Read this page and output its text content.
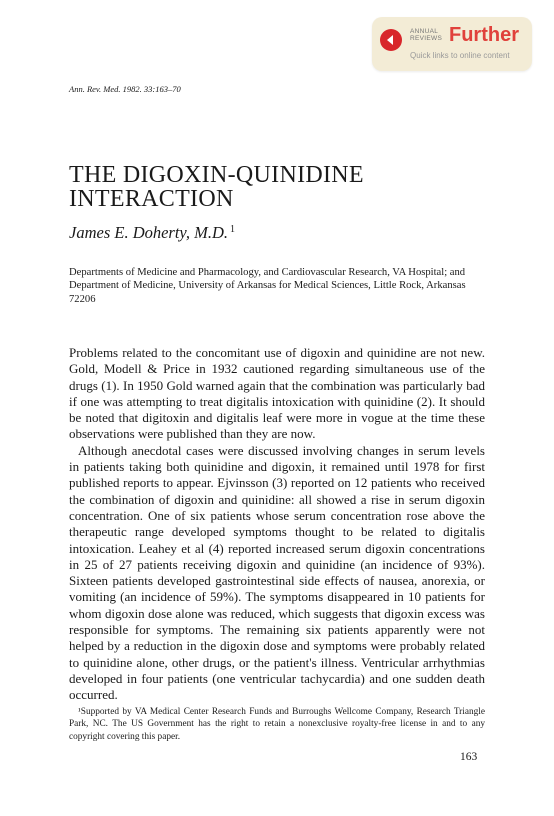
ANNUAL
REVIEWS Further
Quick links to online content
Ann. Rev. Med. 1982. 33:163–70
THE DIGOXIN-QUINIDINE INTERACTION
James E. Doherty, M.D. $^1$

Departments of Medicine and Pharmacology, and Cardiovascular Research, VA Hospital; and Department of Medicine, University of Arkansas for Medical Sciences, Little Rock, Arkansas 72206

Problems related to the concomitant use of digoxin and quinidine are not new. Gold, Modell & Price in 1932 cautioned regarding simultaneous use of the drugs (1). In 1950 Gold warned again that the combination was particularly bad if one was attempting to treat digitalis intoxication with quinidine (2). It should be noted that digitoxin and digitalis leaf were more in vogue at the time these observations were published than they are now.

Although anecdotal cases were discussed involving changes in serum levels in patients taking both quinidine and digoxin, it remained until 1978 for first published reports to appear. Ejvinsson (3) reported on 12 patients who received the combination of digoxin and quinidine: all showed a rise in serum digoxin concentration. One of six patients whose serum concentration rose above the therapeutic range developed symptoms thought to be related to digitalis intoxication. Leahey et al (4) reported increased serum digoxin concentrations in 25 of 27 patients receiving digoxin and quinidine (an incidence of 93%). Sixteen patients developed gastrointestinal side effects of nausea, anorexia, or vomiting (an incidence of 59%). The symptoms disappeared in 10 patients for whom digoxin dose alone was reduced, which suggests that digoxin excess was responsible for symptoms. The remaining six patients apparently were not helped by a reduction in the digoxin dose and symptoms were probably related to quinidine alone, other drugs, or the patient's illness. Ventricular arrhythmias developed in four patients (one ventricular tachycardia) and one sudden death occurred.

¹Supported by VA Medical Center Research Funds and Burroughs Wellcome Company, Research Triangle Park, NC. The US Government has the right to retain a nonexclusive royalty-free license in and to any copyright covering this paper.

163
